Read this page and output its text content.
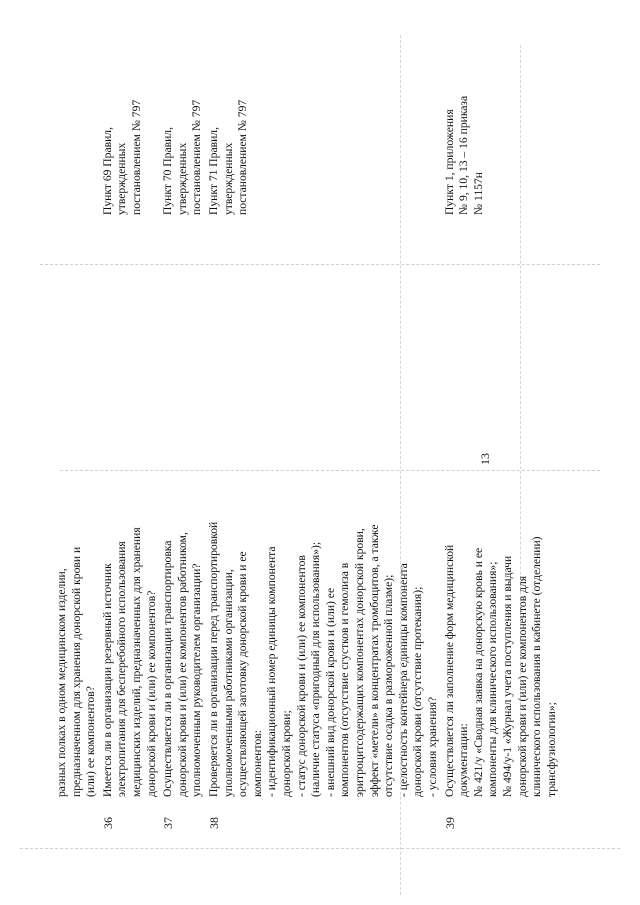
13
разных полках в одном медицинском изделии, предназначенном для хранения донорской крови и (или) ее компонентов?
36
Имеется ли в организации резервный источник электропитания для бесперебойного использования медицинских изделий, предназначенных для хранения донорской крови и (или) ее компонентов?
Пункт 69 Правил, утвержденных постановлением № 797
37
Осуществляется ли в организации транспортировка донорской крови и (или) ее компонентов работником, уполномоченным руководителем организации?
Пункт 70 Правил, утвержденных постановлением № 797
38
Проверяется ли в организации перед транспортировкой уполномоченными работниками организации, осуществляющей заготовку донорской крови и ее компонентов: - идентификационный номер единицы компонента донорской крови; - статус донорской крови и (или) ее компонентов (наличие статуса «пригодный для использования»); - внешний вид донорской крови и (или) ее компонентов (отсутствие сгустков и гемолиза в эритроцитсодержащих компонентах донорской крови, эффект «метели» в концентратах тромбоцитов, а также отсутствие осадка в размороженной плазме); - целостность контейнера единицы компонента донорской крови (отсутствие протекания); - условия хранения?
Пункт 71 Правил, утвержденных постановлением № 797
39
Осуществляется ли заполнение форм медицинской документации: № 421/у «Сводная заявка на донорскую кровь и ее компоненты для клинического использования»; № 494/у-1 «Журнал учета поступления и выдачи донорской крови и (или) ее компонентов для клинического использования в кабинете (отделении) трансфузиологии»;
Пункт 1, приложения № 9, 10, 13 – 16 приказа № 1157н
